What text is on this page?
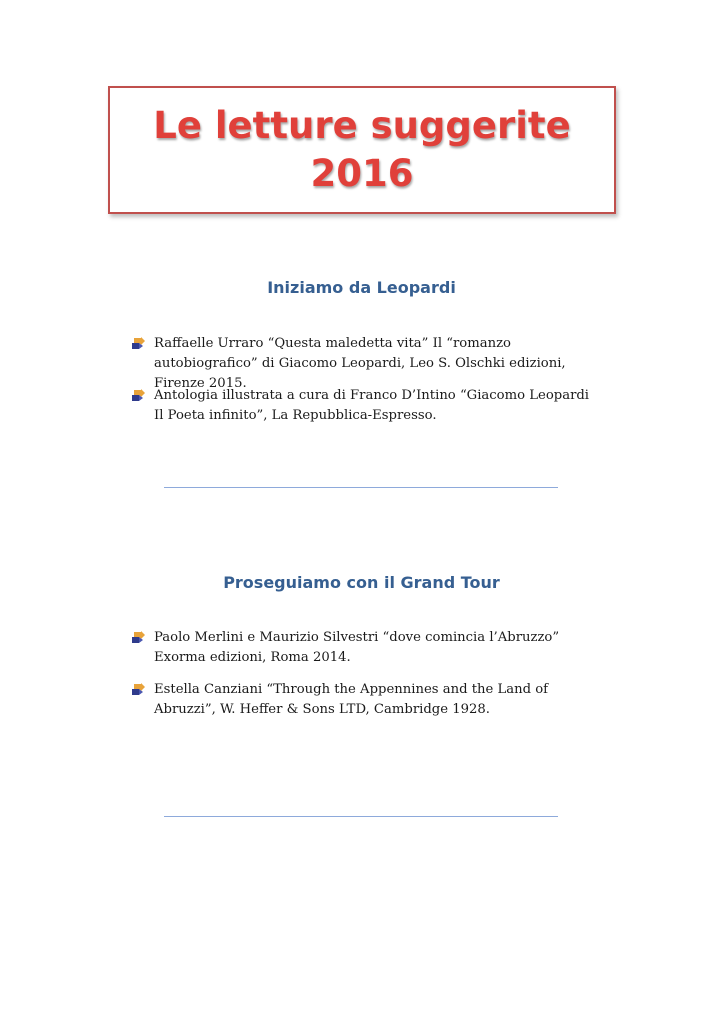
Le letture suggerite
2016
Iniziamo da Leopardi
Raffaelle Urraro “Questa maledetta vita” Il “romanzo autobiografico” di Giacomo Leopardi, Leo S. Olschki edizioni, Firenze 2015.
Antologia illustrata a cura di Franco D’Intino “Giacomo Leopardi Il Poeta infinito”, La Repubblica-Espresso.
Proseguiamo con il Grand Tour
Paolo Merlini e Maurizio Silvestri “dove comincia l’Abruzzo” Exorma edizioni, Roma 2014.
Estella Canziani “Through the Appennines and the Land of Abruzzi”, W. Heffer & Sons LTD, Cambridge 1928.
